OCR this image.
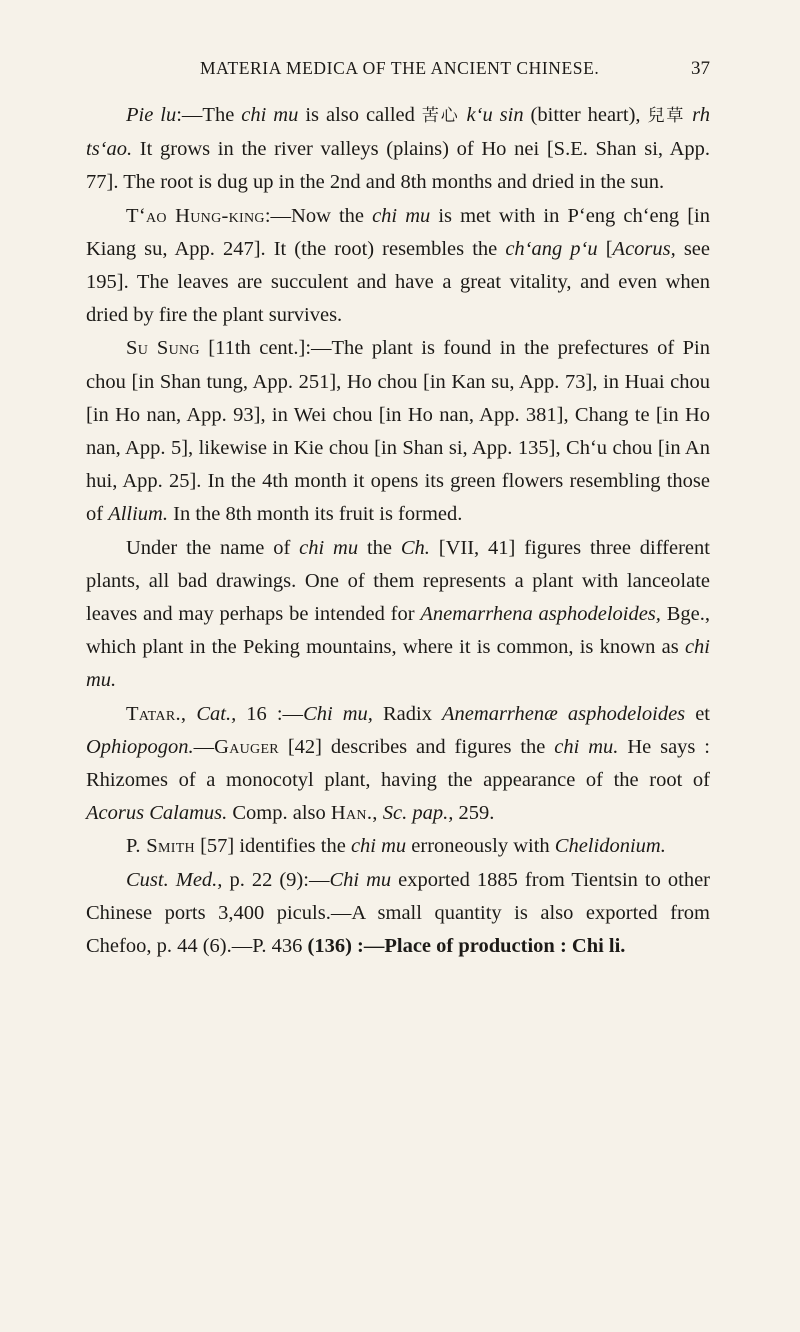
MATERIA MEDICA OF THE ANCIENT CHINESE.	37

Pie lu:—The chi mu is also called 苦心 k‘u sin (bitter heart), 兒草 rh ts‘ao. It grows in the river valleys (plains) of Ho nei [S.E. Shan si, App. 77]. The root is dug up in the 2nd and 8th months and dried in the sun.

T‘ao Hung-king:—Now the chi mu is met with in P‘eng ch‘eng [in Kiang su, App. 247]. It (the root) resembles the ch‘ang p‘u [Acorus, see 195]. The leaves are succulent and have a great vitality, and even when dried by fire the plant survives.

Su Sung [11th cent.]:—The plant is found in the prefectures of Pin chou [in Shan tung, App. 251], Ho chou [in Kan su, App. 73], in Huai chou [in Ho nan, App. 93], in Wei chou [in Ho nan, App. 381], Chang te [in Ho nan, App. 5], likewise in Kie chou [in Shan si, App. 135], Ch‘u chou [in An hui, App. 25]. In the 4th month it opens its green flowers resembling those of Allium. In the 8th month its fruit is formed.

Under the name of chi mu the Ch. [VII, 41] figures three different plants, all bad drawings. One of them represents a plant with lanceolate leaves and may perhaps be intended for Anemarrhena asphodeloides, Bge., which plant in the Peking mountains, where it is common, is known as chi mu.

Tatar., Cat., 16 :—Chi mu, Radix Anemarrhenæ asphodeloides et Ophiopogon.—Gauger [42] describes and figures the chi mu. He says : Rhizomes of a monocotyl plant, having the appearance of the root of Acorus Calamus. Comp. also Han., Sc. pap., 259.

P. Smith [57] identifies the chi mu erroneously with Chelidonium.

Cust. Med., p. 22 (9):—Chi mu exported 1885 from Tientsin to other Chinese ports 3,400 piculs.—A small quantity is also exported from Chefoo, p. 44 (6).—P. 436 (136) :—Place of production : Chi li.
